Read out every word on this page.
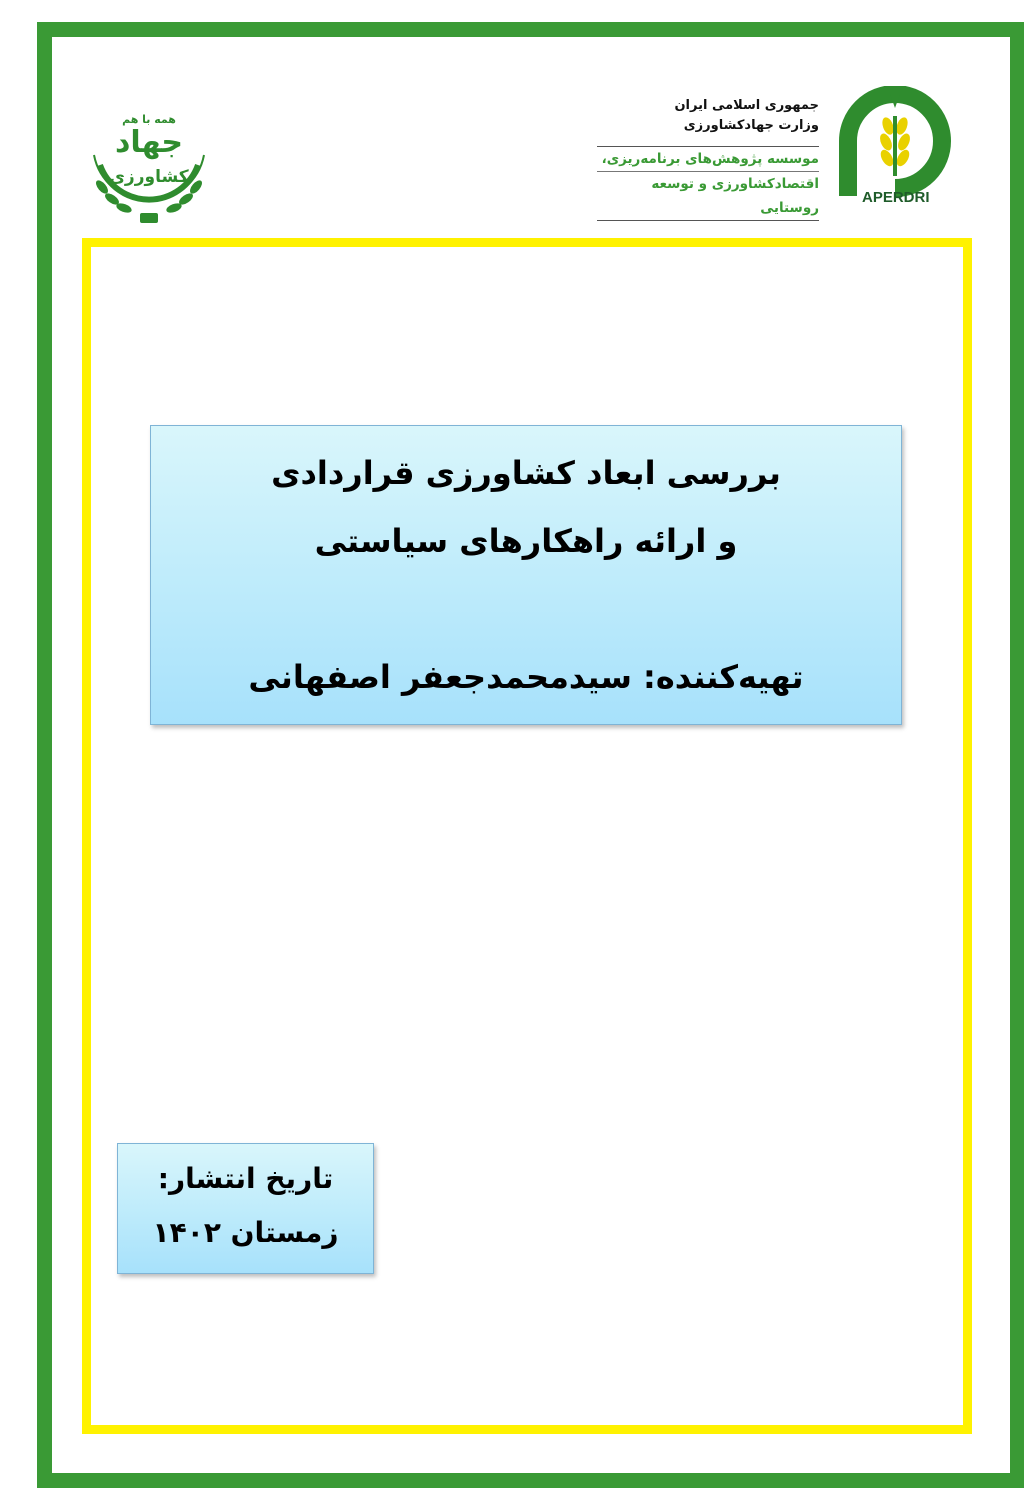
همه با هم
جهاد
کشاورزی
جمهوری اسلامی ایران
وزارت جهادکشاورزی
موسسه پژوهش‌های برنامه‌ریزی،
اقتصادکشاورزی و توسعه روستایی
APERDRI
بررسی ابعاد کشاورزی قراردادی
و ارائه راهکارهای سیاستی
تهیه‌کننده: سیدمحمدجعفر اصفهانی
تاریخ انتشار:
زمستان ۱۴۰۲
